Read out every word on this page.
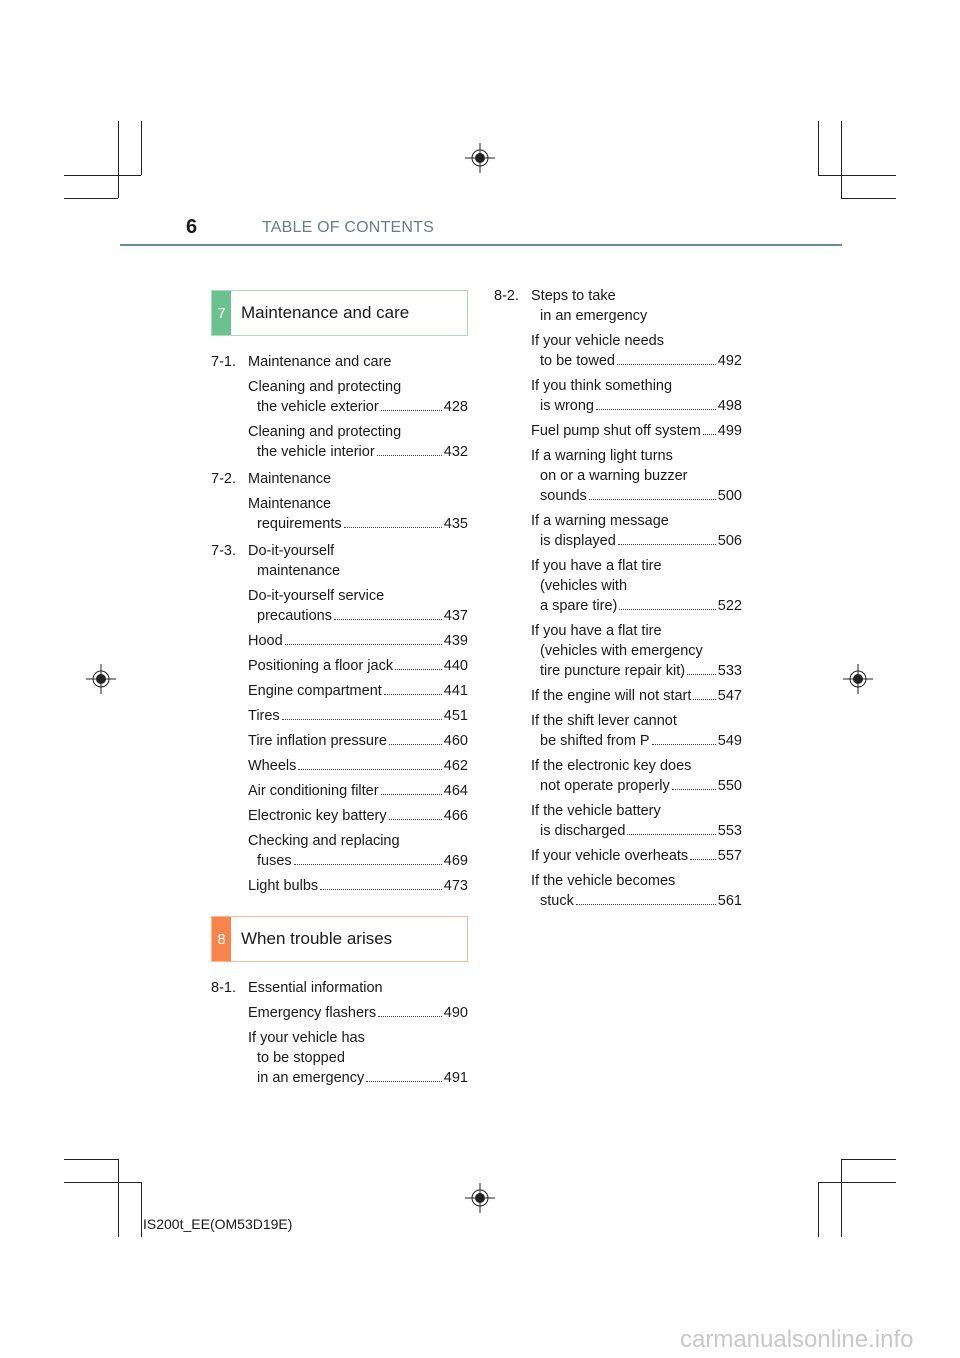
6	TABLE OF CONTENTS
7 Maintenance and care
7-1. Maintenance and care
Cleaning and protecting
the vehicle exterior	428
Cleaning and protecting
the vehicle interior	432
7-2. Maintenance
Maintenance
requirements	435
7-3. Do-it-yourself
maintenance
Do-it-yourself service
precautions	437
Hood	439
Positioning a floor jack	440
Engine compartment	441
Tires	451
Tire inflation pressure	460
Wheels	462
Air conditioning filter	464
Electronic key battery	466
Checking and replacing
fuses	469
Light bulbs	473
8 When trouble arises
8-1. Essential information
Emergency flashers	490
If your vehicle has
to be stopped
in an emergency	491
8-2. Steps to take
in an emergency
If your vehicle needs
to be towed	492
If you think something
is wrong	498
Fuel pump shut off system 499
If a warning light turns
on or a warning buzzer
sounds	500
If a warning message
is displayed	506
If you have a flat tire
(vehicles with
a spare tire)	522
If you have a flat tire
(vehicles with emergency
tire puncture repair kit) 533
If the engine will not start 547
If the shift lever cannot
be shifted from P	549
If the electronic key does
not operate properly	550
If the vehicle battery
is discharged	553
If your vehicle overheats 557
If the vehicle becomes
stuck	561
IS200t_EE(OM53D19E)
carmanualsonline.info
